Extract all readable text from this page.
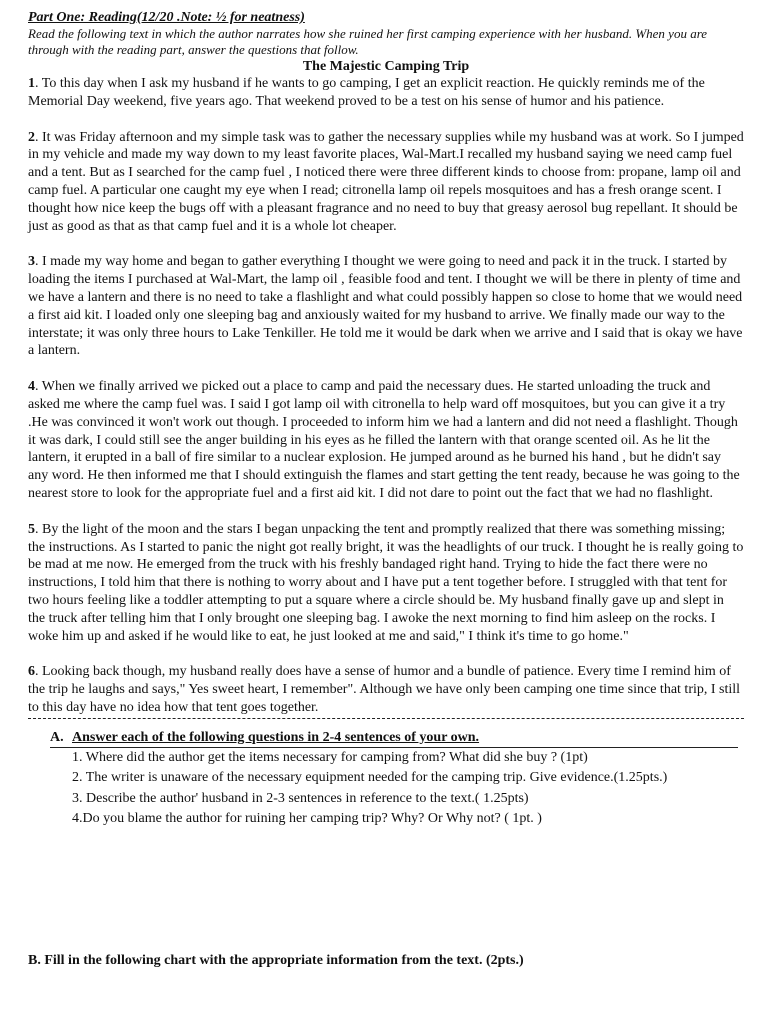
Part One: Reading(12/20 .Note: ½ for neatness)

Read the following text in which the author narrates how she ruined her first camping experience with her husband. When you are through with the reading part, answer the questions that follow.

The Majestic Camping Trip

1. To this day when I ask my husband if he wants to go camping, I get an explicit reaction. He quickly reminds me of the Memorial Day weekend, five years ago. That weekend proved to be a test on his sense of humor and his patience.

2. It was Friday afternoon and my simple task was to gather the necessary supplies while my husband was at work. So I jumped in my vehicle and made my way down to my least favorite places, Wal-Mart.I recalled my husband saying we need camp fuel and a tent. But as I searched for the camp fuel , I noticed there were three different kinds to choose from: propane, lamp oil and camp fuel. A particular one caught my eye when I read; citronella lamp oil repels mosquitoes and has a fresh orange scent. I thought how nice keep the bugs off with a pleasant fragrance and no need to buy that greasy aerosol bug repellant. It should be just as good as that as that camp fuel and it is a whole lot cheaper.

3. I made my way home and began to gather everything I thought we were going to need and pack it in the truck. I started by loading the items I purchased at Wal-Mart, the lamp oil , feasible food and tent. I thought we will be there in plenty of time and we have a lantern and there is no need to take a flashlight and what could possibly happen so close to home that we would need a first aid kit. I loaded only one sleeping bag and anxiously waited for my husband to arrive. We finally made our way to the interstate; it was only three hours to Lake Tenkiller. He told me it would be dark when we arrive and I said that is okay we have a lantern.

4. When we finally arrived we picked out a place to camp and paid the necessary dues. He started unloading the truck and asked me where the camp fuel was. I said I got lamp oil with citronella to help ward off mosquitoes, but you can give it a try .He was convinced it won't work out though. I proceeded to inform him we had a lantern and did not need a flashlight. Though it was dark, I could still see the anger building in his eyes as he filled the lantern with that orange scented oil. As he lit the lantern, it erupted in a ball of fire similar to a nuclear explosion. He jumped around as he burned his hand , but he didn't say any word. He then informed me that I should extinguish the flames and start getting the tent ready, because he was going to the nearest store to look for the appropriate fuel and a first aid kit. I did not dare to point out the fact that we had no flashlight.

5. By the light of the moon and the stars I began unpacking the tent and promptly realized that there was something missing; the instructions. As I started to panic the night got really bright, it was the headlights of our truck. I thought he is really going to be mad at me now. He emerged from the truck with his freshly bandaged right hand. Trying to hide the fact there were no instructions, I told him that there is nothing to worry about and I have put a tent together before. I struggled with that tent for two hours feeling like a toddler attempting to put a square where a circle should be. My husband finally gave up and slept in the truck after telling him that I only brought one sleeping bag. I awoke the next morning to find him asleep on the rocks. I woke him up and asked if he would like to eat, he just looked at me and said," I think it's time to go home."

6. Looking back though, my husband really does have a sense of humor and a bundle of patience. Every time I remind him of the trip he laughs and says," Yes sweet heart, I remember". Although we have only been camping one time since that trip, I still to this day have no idea how that tent goes together.

A. Answer each of the following questions in 2-4 sentences of your own.

1. Where did the author get the items necessary for camping from? What did she buy ? (1pt)
2. The writer is unaware of the necessary equipment needed for the camping trip. Give evidence.(1.25pts.)
3. Describe the author' husband in 2-3 sentences in reference to the text.( 1.25pts)
4.Do you blame the author for ruining her camping trip? Why? Or Why not? ( 1pt. )

B. Fill in the following chart with the appropriate information from the text. (2pts.)
